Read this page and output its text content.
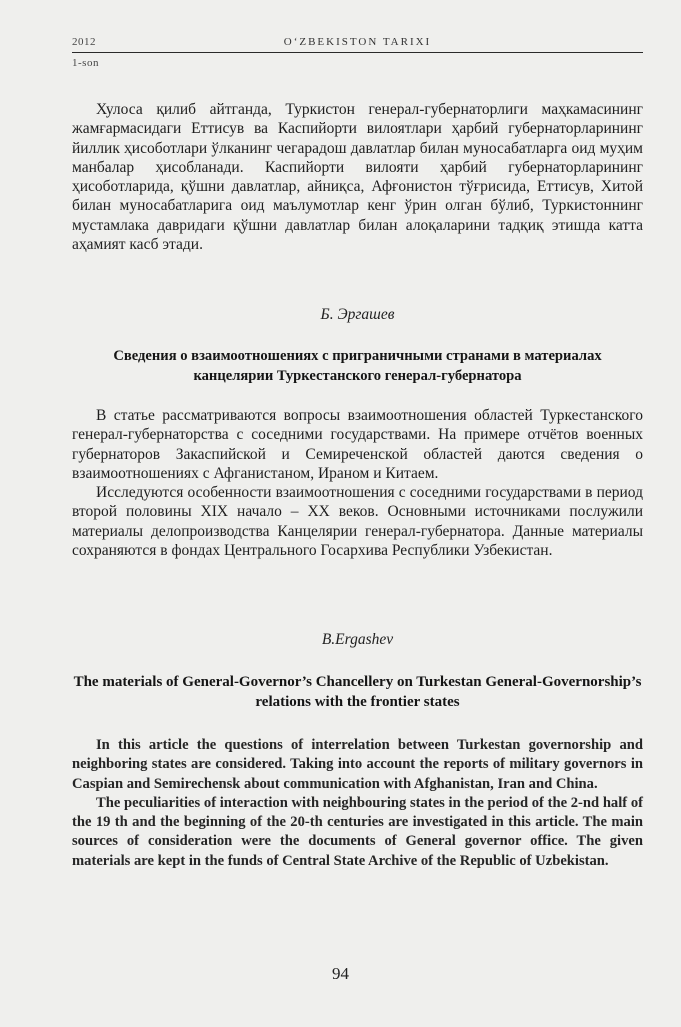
2012	O‘ZBEKISTON TARIXI
1-son

Хулоса қилиб айтганда, Туркистон генерал-губернаторлиги маҳкамасининг жамғармасидаги Еттисув ва Каспийорти вилоятлари ҳарбий губернаторларининг йиллик ҳисоботлари ўлканинг чегарадош давлатлар билан муносабатларга оид муҳим манбалар ҳисобланади. Каспийорти вилояти ҳарбий губернаторларининг ҳисоботларида, қўшни давлатлар, айниқса, Афғонистон тўғрисида, Еттисув, Хитой билан муносабатларига оид маълумотлар кенг ўрин олган бўлиб, Туркистоннинг мустамлака давридаги қўшни давлатлар билан алоқаларини тадқиқ этишда катта аҳамият касб этади.

Б. Эргашев
Сведения о взаимоотношениях с приграничными странами в материалах канцелярии Туркестанского генерал-губернатора

В статье рассматриваются вопросы взаимоотношения областей Туркестанского генерал-губернаторства с соседними государствами. На примере отчётов военных губернаторов Закаспийской и Семиреченской областей даются сведения о взаимоотношениях с Афганистаном, Ираном и Китаем.

Исследуются особенности взаимоотношения с соседними государствами в период второй половины XIX начало – XX веков. Основными источниками послужили материалы делопроизводства Канцелярии генерал-губернатора. Данные материалы сохраняются в фондах Центрального Госархива Республики Узбекистан.

B.Ergashev
The materials of General-Governor’s Chancellery on Turkestan General-Governorship’s relations with the frontier states

In this article the questions of interrelation between Turkestan governorship and neighboring states are considered. Taking into account the reports of military governors in Caspian and Semirechensk about communication with Afghanistan, Iran and China.

The peculiarities of interaction with neighbouring states in the period of the 2-nd half of the 19 th and the beginning of the 20-th centuries are investigated in this article. The main sources of consideration were the documents of General governor office. The given materials are kept in the funds of Central State Archive of the Republic of Uzbekistan.

94
